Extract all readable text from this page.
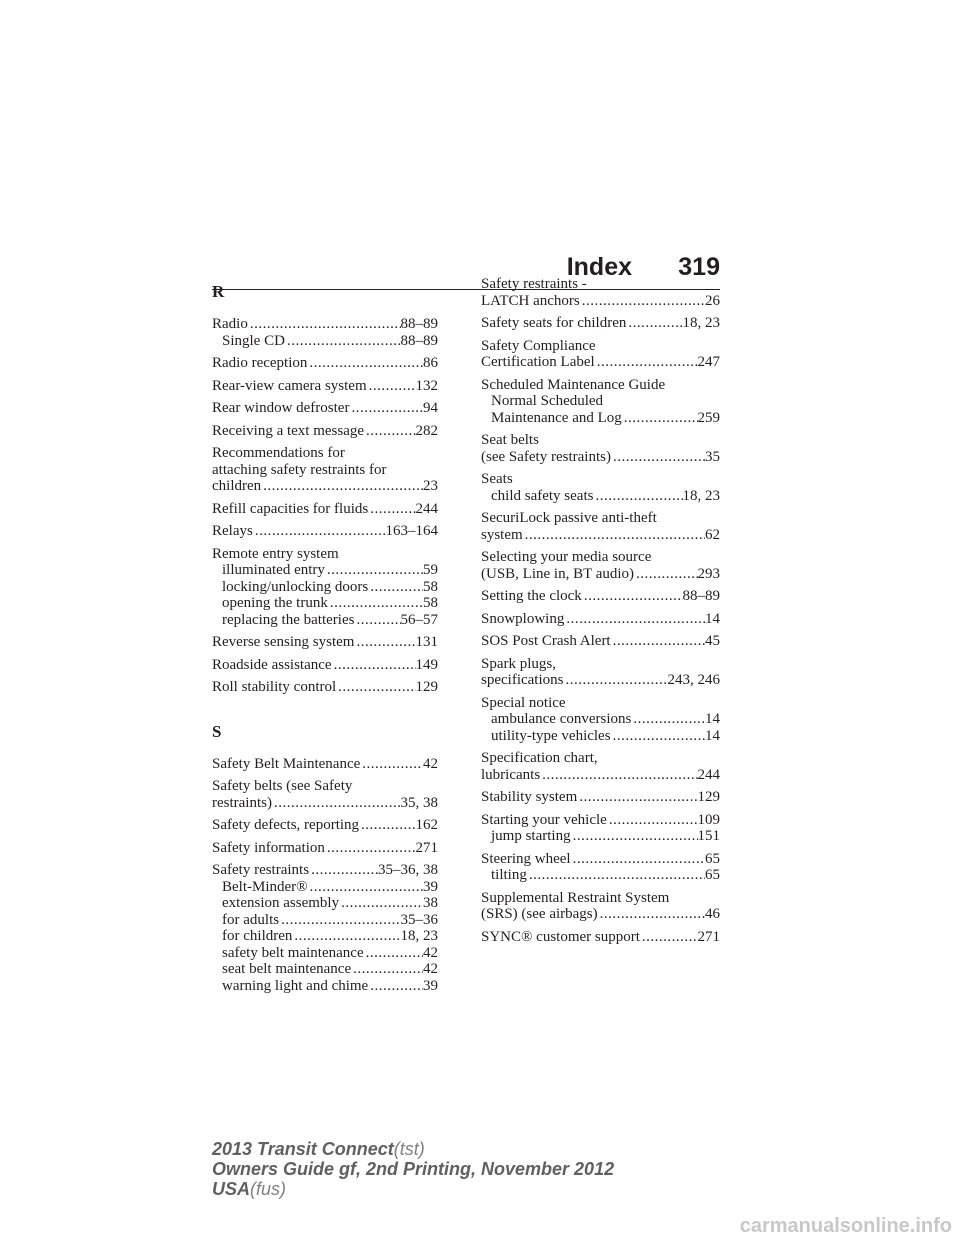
Index 319
R
Radio .....	88–89
Single CD .....	88–89
Radio reception .....	86
Rear-view camera system .....	132
Rear window defroster .....	94
Receiving a text message .....	282
Recommendations for
attaching safety restraints for
children .....	23
Refill capacities for fluids .....	244
Relays .....	163–164
Remote entry system
illuminated entry .....	59
locking/unlocking doors .....	58
opening the trunk .....	58
replacing the batteries .....	56–57
Reverse sensing system .....	131
Roadside assistance .....	149
Roll stability control .....	129
S
Safety Belt Maintenance .....	42
Safety belts (see Safety
restraints) .....	35, 38
Safety defects, reporting .....	162
Safety information .....	271
Safety restraints .....	35–36, 38
Belt-Minder® .....	39
extension assembly .....	38
for adults .....	35–36
for children .....	18, 23
safety belt maintenance .....	42
seat belt maintenance .....	42
warning light and chime .....	39
Safety restraints -
LATCH anchors .....	26
Safety seats for children .....	18, 23
Safety Compliance
Certification Label .....	247
Scheduled Maintenance Guide
Normal Scheduled
Maintenance and Log .....	259
Seat belts
(see Safety restraints) .....	35
Seats
child safety seats .....	18, 23
SecuriLock passive anti-theft
system .....	62
Selecting your media source
(USB, Line in, BT audio) .....	293
Setting the clock .....	88–89
Snowplowing .....	14
SOS Post Crash Alert .....	45
Spark plugs,
specifications .....	243, 246
Special notice
ambulance conversions .....	14
utility-type vehicles .....	14
Specification chart,
lubricants .....	244
Stability system .....	129
Starting your vehicle .....	109
jump starting .....	151
Steering wheel .....	65
tilting .....	65
Supplemental Restraint System
(SRS) (see airbags) .....	46
SYNC® customer support .....	271
2013 Transit Connect(tst)
Owners Guide gf, 2nd Printing, November 2012
USA(fus)
carmanualsonline.info
